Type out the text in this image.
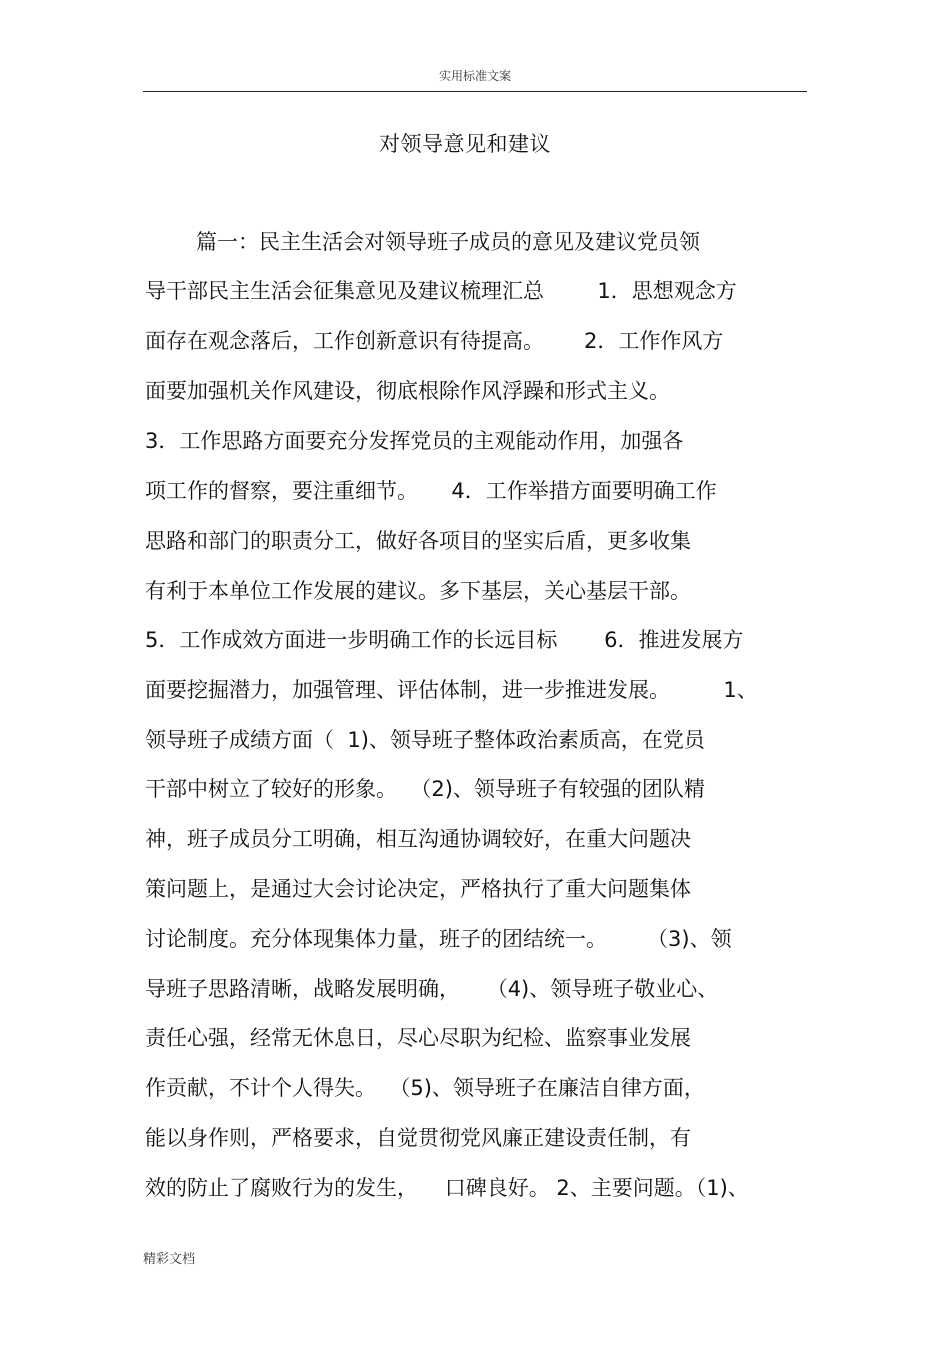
实用标准文案
对领导意见和建议
篇一：民主生活会对领导班子成员的意见及建议党员领
导干部民主生活会征集意见及建议梳理汇总        1．思想观念方
面存在观念落后，工作创新意识有待提高。      2．工作作风方
面要加强机关作风建设，彻底根除作风浮躁和形式主义。
3．工作思路方面要充分发挥党员的主观能动作用，加强各
项工作的督察，要注重细节。     4．工作举措方面要明确工作
思路和部门的职责分工，做好各项目的坚实后盾，更多收集
有利于本单位工作发展的建议。多下基层，关心基层干部。
5．工作成效方面进一步明确工作的长远目标       6．推进发展方
面要挖掘潜力，加强管理、评估体制，进一步推进发展。        1、
领导班子成绩方面（  1)、领导班子整体政治素质高，在党员
干部中树立了较好的形象。  （2)、领导班子有较强的团队精
神，班子成员分工明确，相互沟通协调较好，在重大问题决
策问题上，是通过大会讨论决定，严格执行了重大问题集体
讨论制度。充分体现集体力量，班子的团结统一。      （3)、领
导班子思路清晰，战略发展明确，    （4)、领导班子敬业心、
责任心强，经常无休息日，尽心尽职为纪检、监察事业发展
作贡献，不计个人得失。  （5)、领导班子在廉洁自律方面，
能以身作则，严格要求，自觉贯彻党风廉正建设责任制，有
效的防止了腐败行为的发生，    口碑良好。 2、主要问题。（1)、
精彩文档
